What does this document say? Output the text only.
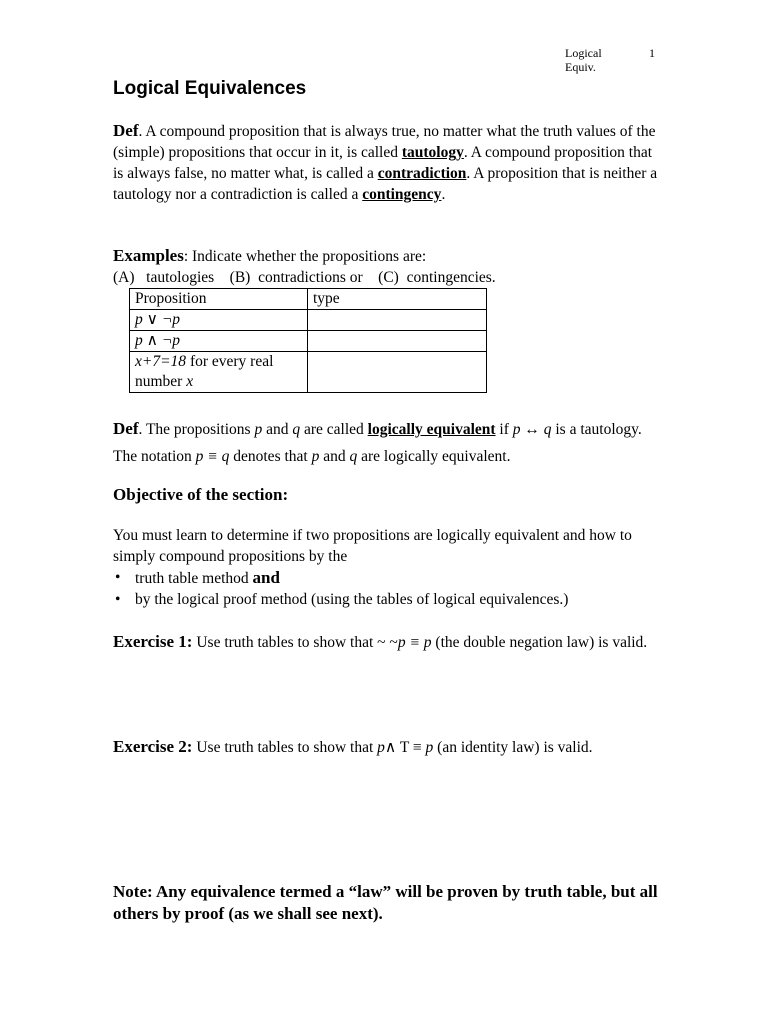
Logical
Equiv.
1
Logical Equivalences
Def. A compound proposition that is always true, no matter what the truth values of the (simple) propositions that occur in it, is called tautology. A compound proposition that is always false, no matter what, is called a contradiction. A proposition that is neither a tautology nor a contradiction is called a contingency.
Examples: Indicate whether the propositions are:
(A)   tautologies    (B)  contradictions or    (C)  contingencies.
Proposition	type
p ∨ ¬p	
p ∧ ¬p	
x+7=18 for every real number x	
Def. The propositions p and q are called logically equivalent if p ↔ q is a tautology. The notation p ≡ q denotes that p and q are logically equivalent.
Objective of the section:
You must learn to determine if two propositions are logically equivalent and how to simply compound propositions by the
• truth table method and
• by the logical proof method (using the tables of logical equivalences.)
Exercise 1: Use truth tables to show that ~ ~p ≡ p (the double negation law) is valid.
Exercise 2: Use truth tables to show that p∧ T ≡ p (an identity law) is valid.
Note: Any equivalence termed a “law” will be proven by truth table, but all others by proof (as we shall see next).
